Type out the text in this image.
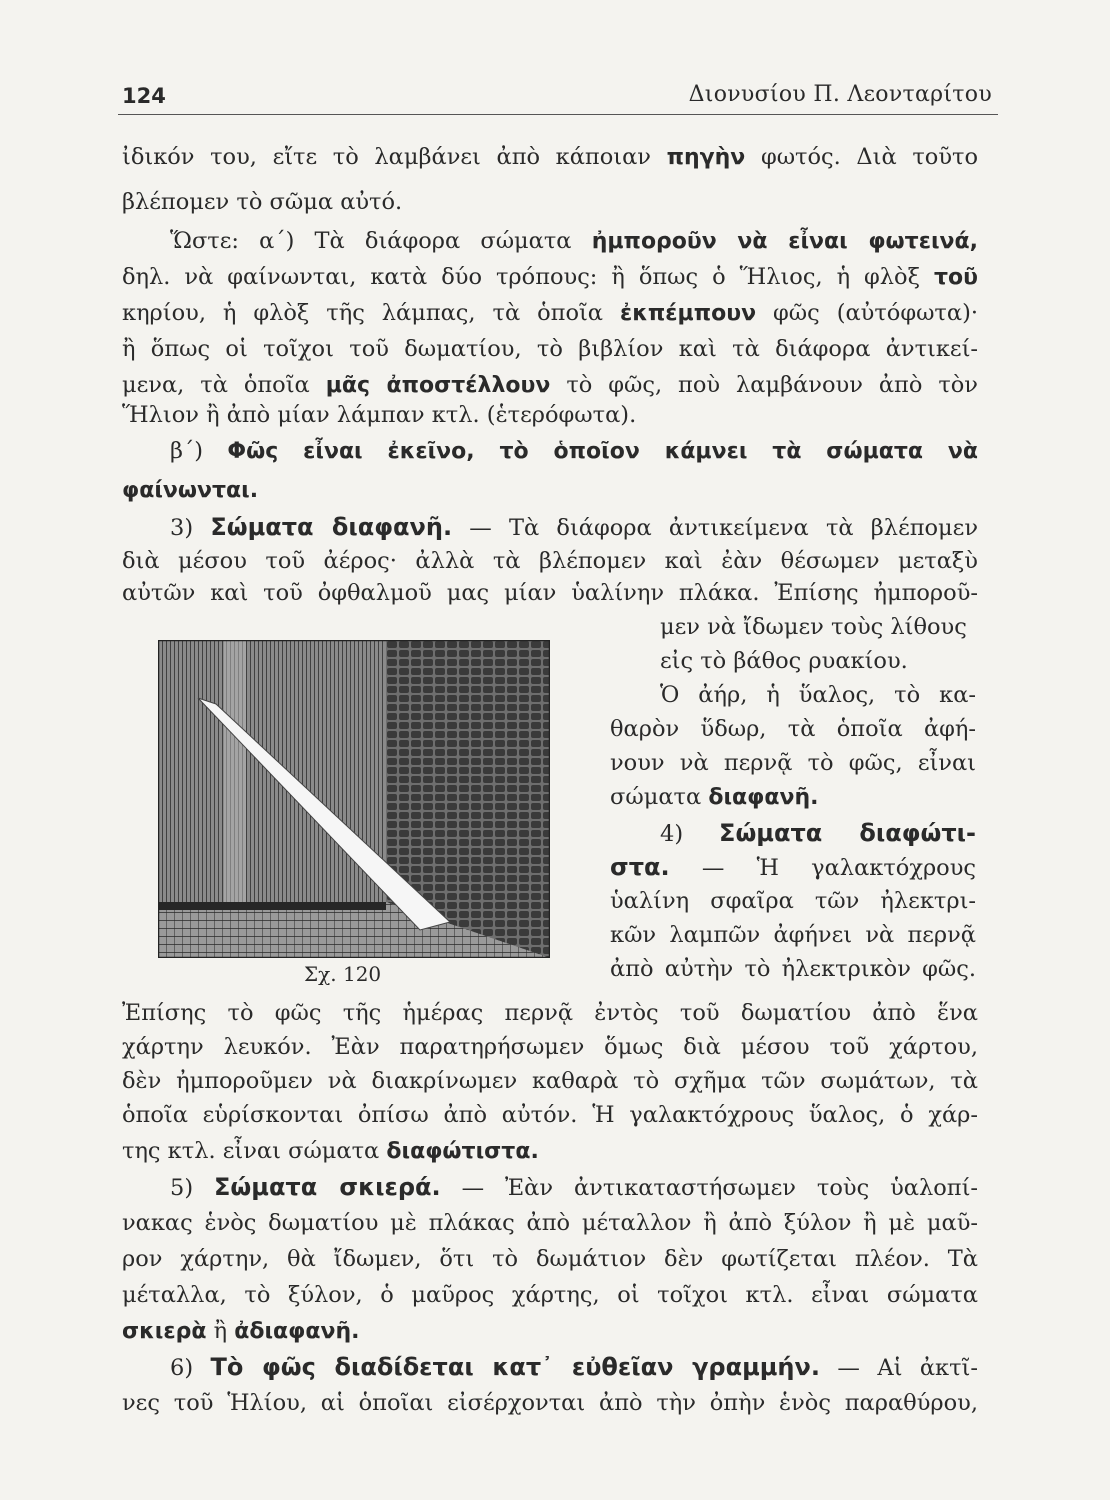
124	Διονυσίου Π. Λεονταρίτου

ἰδικόν του, εἴτε τὸ λαμβάνει ἀπὸ κάποιαν πηγὴν φωτός. Διὰ τοῦτο

βλέπομεν τὸ σῶμα αὐτό.

Ὥστε: α΄) Τὰ διάφορα σώματα ἠμποροῦν νὰ εἶναι φωτεινά,

δηλ. νὰ φαίνωνται, κατὰ δύο τρόπους: ἢ ὅπως ὁ Ἥλιος, ἡ φλὸξ τοῦ

κηρίου, ἡ φλὸξ τῆς λάμπας, τὰ ὁποῖα ἐκπέμπουν φῶς (αὐτόφωτα)·

ἢ ὅπως οἱ τοῖχοι τοῦ δωματίου, τὸ βιβλίον καὶ τὰ διάφορα ἀντικεί-

μενα, τὰ ὁποῖα μᾶς ἀποστέλλουν τὸ φῶς, ποὺ λαμβάνουν ἀπὸ τὸν

Ἥλιον ἢ ἀπὸ μίαν λάμπαν κτλ. (ἑτερόφωτα).

β΄) Φῶς εἶναι ἐκεῖνο, τὸ ὁποῖον κάμνει τὰ σώματα νὰ

φαίνωνται.

3) Σώματα διαφανῆ. — Τὰ διάφορα ἀντικείμενα τὰ βλέπομεν

διὰ μέσου τοῦ ἀέρος· ἀλλὰ τὰ βλέπομεν καὶ ἐὰν θέσωμεν μεταξὺ

αὐτῶν καὶ τοῦ ὀφθαλμοῦ μας μίαν ὑαλίνην πλάκα. Ἐπίσης ἠμποροῦ-

μεν νὰ ἴδωμεν τοὺς λίθους

εἰς τὸ βάθος ρυακίου.

Ὁ ἀήρ, ἡ ὕαλος, τὸ κα-

θαρὸν ὕδωρ, τὰ ὁποῖα ἀφή-

νουν νὰ περνᾷ τὸ φῶς, εἶναι

σώματα διαφανῆ.

4) Σώματα διαφώτι-

στα. — Ἡ γαλακτόχρους

ὑαλίνη σφαῖρα τῶν ἠλεκτρι-

κῶν λαμπῶν ἀφήνει νὰ περνᾷ

ἀπὸ αὐτὴν τὸ ἠλεκτρικὸν φῶς.

Σχ. 120

Ἐπίσης τὸ φῶς τῆς ἡμέρας περνᾷ ἐντὸς τοῦ δωματίου ἀπὸ ἕνα

χάρτην λευκόν. Ἐὰν παρατηρήσωμεν ὅμως διὰ μέσου τοῦ χάρτου,

δὲν ἠμποροῦμεν νὰ διακρίνωμεν καθαρὰ τὸ σχῆμα τῶν σωμάτων, τὰ

ὁποῖα εὑρίσκονται ὀπίσω ἀπὸ αὐτόν. Ἡ γαλακτόχρους ὕαλος, ὁ χάρ-

της κτλ. εἶναι σώματα διαφώτιστα.

5) Σώματα σκιερά. — Ἐὰν ἀντικαταστήσωμεν τοὺς ὑαλοπί-

νακας ἑνὸς δωματίου μὲ πλάκας ἀπὸ μέταλλον ἢ ἀπὸ ξύλον ἢ μὲ μαῦ-

ρον χάρτην, θὰ ἴδωμεν, ὅτι τὸ δωμάτιον δὲν φωτίζεται πλέον. Τὰ

μέταλλα, τὸ ξύλον, ὁ μαῦρος χάρτης, οἱ τοῖχοι κτλ. εἶναι σώματα

σκιερὰ ἢ ἀδιαφανῆ.

6) Τὸ φῶς διαδίδεται κατ᾽ εὐθεῖαν γραμμήν. — Αἱ ἀκτῖ-

νες τοῦ Ἡλίου, αἱ ὁποῖαι εἰσέρχονται ἀπὸ τὴν ὀπὴν ἑνὸς παραθύρου,
